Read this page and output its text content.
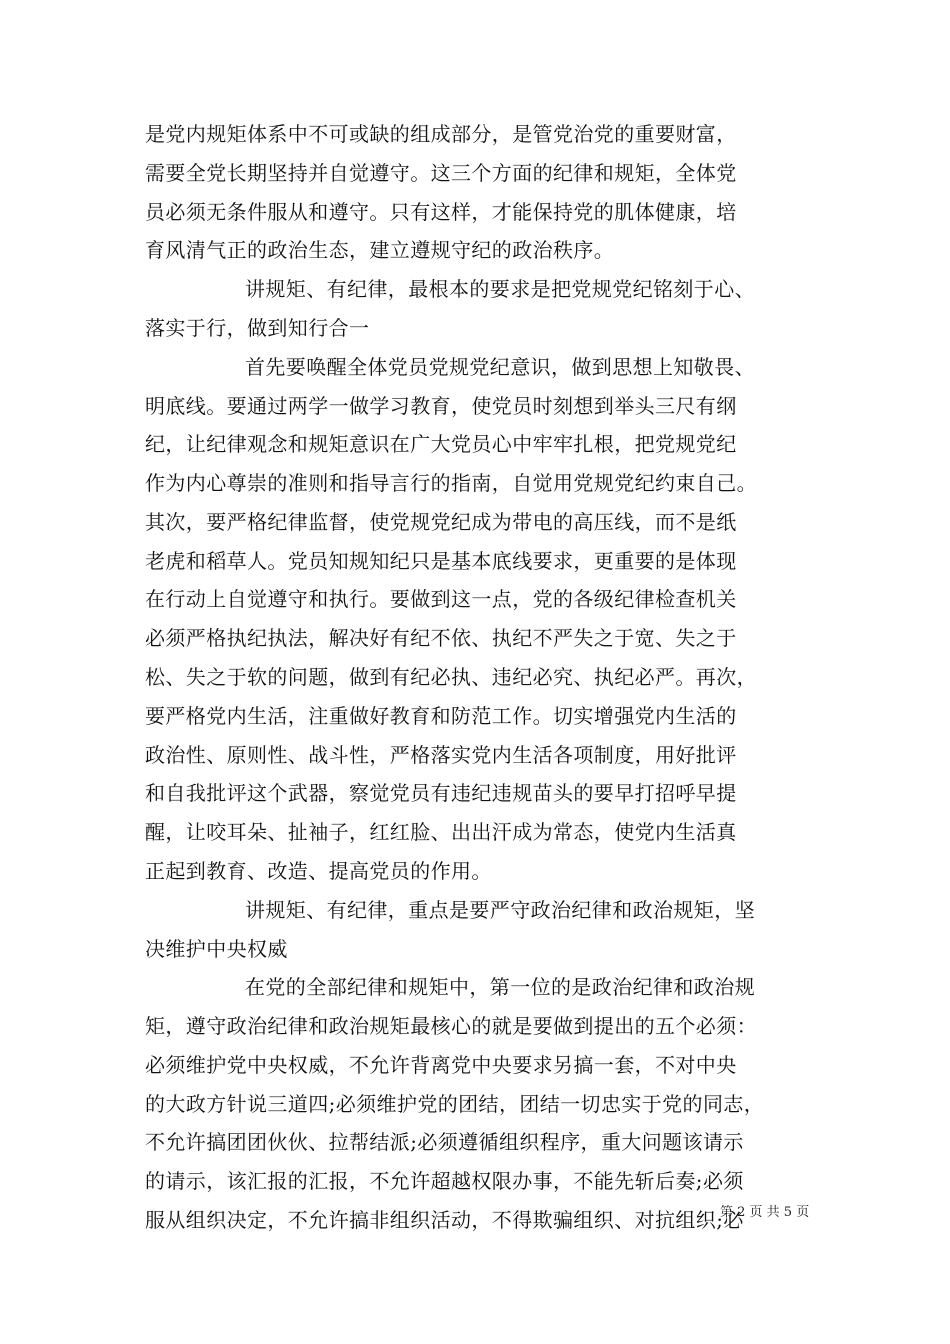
是党内规矩体系中不可或缺的组成部分，是管党治党的重要财富，
需要全党长期坚持并自觉遵守。这三个方面的纪律和规矩，全体党
员必须无条件服从和遵守。只有这样，才能保持党的肌体健康，培
育风清气正的政治生态，建立遵规守纪的政治秩序。
讲规矩、有纪律，最根本的要求是把党规党纪铭刻于心、
落实于行，做到知行合一
首先要唤醒全体党员党规党纪意识，做到思想上知敬畏、
明底线。要通过两学一做学习教育，使党员时刻想到举头三尺有纲
纪，让纪律观念和规矩意识在广大党员心中牢牢扎根，把党规党纪
作为内心尊崇的准则和指导言行的指南，自觉用党规党纪约束自己。
其次，要严格纪律监督，使党规党纪成为带电的高压线，而不是纸
老虎和稻草人。党员知规知纪只是基本底线要求，更重要的是体现
在行动上自觉遵守和执行。要做到这一点，党的各级纪律检查机关
必须严格执纪执法，解决好有纪不依、执纪不严失之于宽、失之于
松、失之于软的问题，做到有纪必执、违纪必究、执纪必严。再次，
要严格党内生活，注重做好教育和防范工作。切实增强党内生活的
政治性、原则性、战斗性，严格落实党内生活各项制度，用好批评
和自我批评这个武器，察觉党员有违纪违规苗头的要早打招呼早提
醒，让咬耳朵、扯袖子，红红脸、出出汗成为常态，使党内生活真
正起到教育、改造、提高党员的作用。
讲规矩、有纪律，重点是要严守政治纪律和政治规矩，坚
决维护中央权威
在党的全部纪律和规矩中，第一位的是政治纪律和政治规
矩，遵守政治纪律和政治规矩最核心的就是要做到提出的五个必须：
必须维护党中央权威，不允许背离党中央要求另搞一套，不对中央
的大政方针说三道四;必须维护党的团结，团结一切忠实于党的同志，
不允许搞团团伙伙、拉帮结派;必须遵循组织程序，重大问题该请示
的请示，该汇报的汇报，不允许超越权限办事，不能先斩后奏;必须
服从组织决定，不允许搞非组织活动，不得欺骗组织、对抗组织;必
第 2 页 共 5 页
